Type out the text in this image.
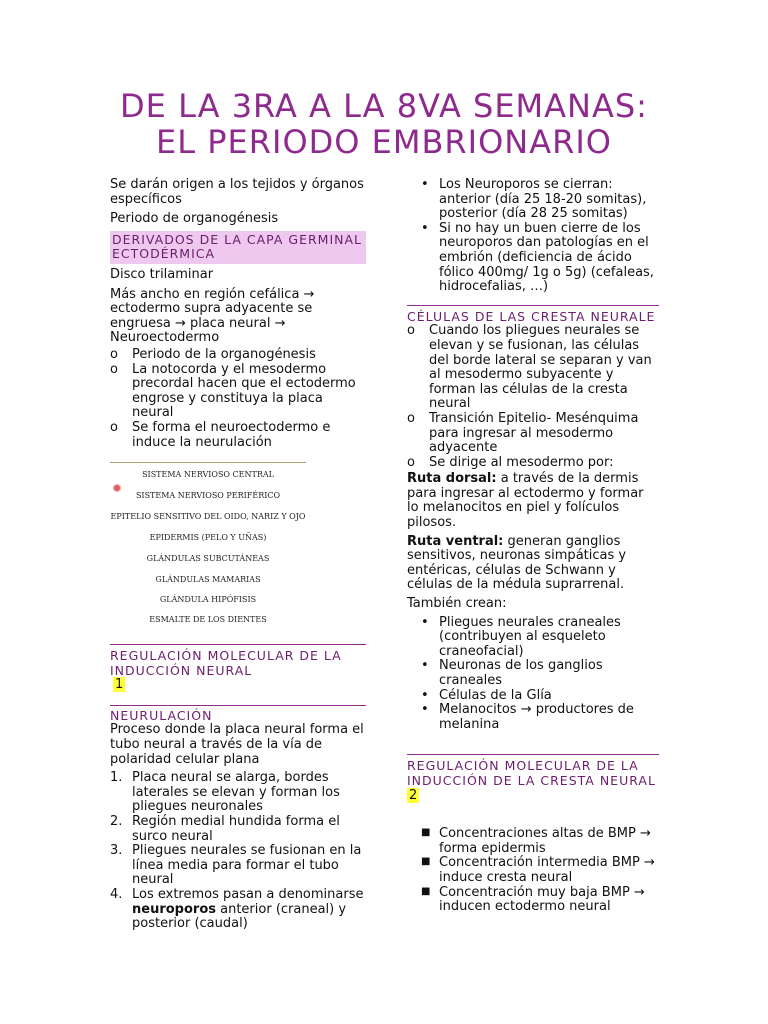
DE LA 3RA A LA 8VA SEMANAS:
EL PERIODO EMBRIONARIO

Se darán origen a los tejidos y órganos específicos

Periodo de organogénesis

DERIVADOS DE LA CAPA GERMINAL ECTODÉRMICA

Disco trilaminar

Más ancho en región cefálica → ectodermo supra adyacente se engruesa → placa neural → Neuroectodermo

o Periodo de la organogénesis
o La notocorda y el mesodermo precordal hacen que el ectodermo engrose y constituya la placa neural
o Se forma el neuroectodermo e induce la neurulación
SISTEMA NERVIOSO CENTRAL
SISTEMA NERVIOSO PERIFÉRICO
EPITELIO SENSITIVO DEL OIDO, NARIZ Y OJO
EPIDERMIS (PELO Y UÑAS)
GLÁNDULAS SUBCUTÁNEAS
GLÁNDULAS MAMARIAS
GLÁNDULA HIPÓFISIS
ESMALTE DE LOS DIENTES
REGULACIÓN MOLECULAR DE LA INDUCCIÓN NEURAL

1

NEURULACIÓN

Proceso donde la placa neural forma el tubo neural a través de la vía de polaridad celular plana

1. Placa neural se alarga, bordes laterales se elevan y forman los pliegues neuronales
2. Región medial hundida forma el surco neural
3. Pliegues neurales se fusionan en la línea media para formar el tubo neural
4. Los extremos pasan a denominarse neuroporos anterior (craneal) y posterior (caudal)
• Los Neuroporos se cierran: anterior (día 25 18-20 somitas), posterior (día 28 25 somitas)
• Si no hay un buen cierre de los neuroporos dan patologías en el embrión (deficiencia de ácido fólico 400mg/ 1g o 5g) (cefaleas, hidrocefalias, …)
CÉLULAS DE LAS CRESTA NEURALE
o Cuando los pliegues neurales se elevan y se fusionan, las células del borde lateral se separan y van al mesodermo subyacente y forman las células de la cresta neural
o Transición Epitelio- Mesénquima para ingresar al mesodermo adyacente
o Se dirige al mesodermo por:

Ruta dorsal: a través de la dermis para ingresar al ectodermo y formar lo melanocitos en piel y folículos pilosos.

Ruta ventral: generan ganglios sensitivos, neuronas simpáticas y entéricas, células de Schwann y células de la médula suprarrenal.

También crean:

• Pliegues neurales craneales (contribuyen al esqueleto craneofacial)
• Neuronas de los ganglios craneales
• Células de la Glía
• Melanocitos → productores de melanina
REGULACIÓN MOLECULAR DE LA INDUCCIÓN DE LA CRESTA NEURAL

2

■ Concentraciones altas de BMP → forma epidermis
■ Concentración intermedia BMP → induce cresta neural
■ Concentración muy baja BMP → inducen ectodermo neural
